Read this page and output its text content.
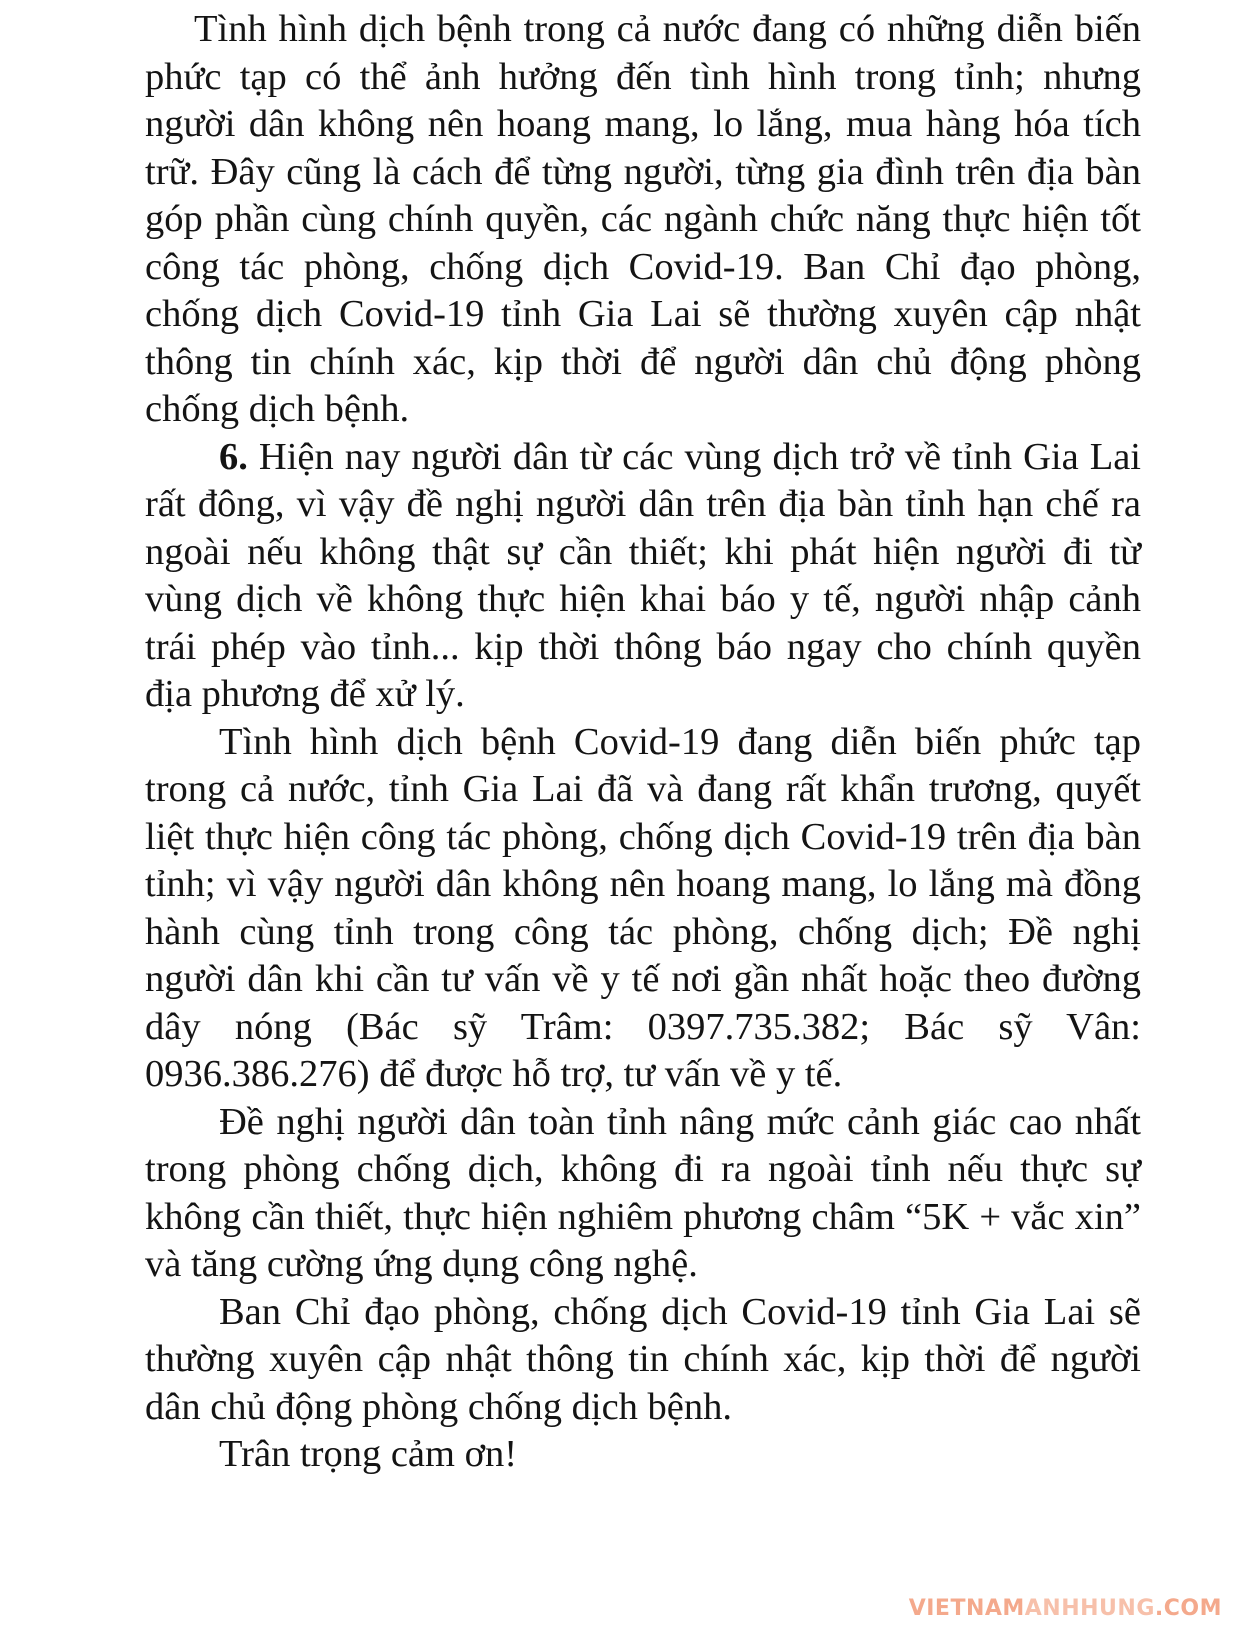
Tình hình dịch bệnh trong cả nước đang có những diễn biến phức tạp có thể ảnh hưởng đến tình hình trong tỉnh; nhưng người dân không nên hoang mang, lo lắng, mua hàng hóa tích trữ. Đây cũng là cách để từng người, từng gia đình trên địa bàn góp phần cùng chính quyền, các ngành chức năng thực hiện tốt công tác phòng, chống dịch Covid-19. Ban Chỉ đạo phòng, chống dịch Covid-19 tỉnh Gia Lai sẽ thường xuyên cập nhật thông tin chính xác, kịp thời để người dân chủ động phòng chống dịch bệnh.

6. Hiện nay người dân từ các vùng dịch trở về tỉnh Gia Lai rất đông, vì vậy đề nghị người dân trên địa bàn tỉnh hạn chế ra ngoài nếu không thật sự cần thiết; khi phát hiện người đi từ vùng dịch về không thực hiện khai báo y tế, người nhập cảnh trái phép vào tỉnh... kịp thời thông báo ngay cho chính quyền địa phương để xử lý.

Tình hình dịch bệnh Covid-19 đang diễn biến phức tạp trong cả nước, tỉnh Gia Lai đã và đang rất khẩn trương, quyết liệt thực hiện công tác phòng, chống dịch Covid-19 trên địa bàn tỉnh; vì vậy người dân không nên hoang mang, lo lắng mà đồng hành cùng tỉnh trong công tác phòng, chống dịch; Đề nghị người dân khi cần tư vấn về y tế nơi gần nhất hoặc theo đường dây nóng (Bác sỹ Trâm: 0397.735.382; Bác sỹ Vân: 0936.386.276) để được hỗ trợ, tư vấn về y tế.

Đề nghị người dân toàn tỉnh nâng mức cảnh giác cao nhất trong phòng chống dịch, không đi ra ngoài tỉnh nếu thực sự không cần thiết, thực hiện nghiêm phương châm “5K + vắc xin” và tăng cường ứng dụng công nghệ.

Ban Chỉ đạo phòng, chống dịch Covid-19 tỉnh Gia Lai sẽ thường xuyên cập nhật thông tin chính xác, kịp thời để người dân chủ động phòng chống dịch bệnh.

Trân trọng cảm ơn!

VIETNAMANHHUNG.COM
